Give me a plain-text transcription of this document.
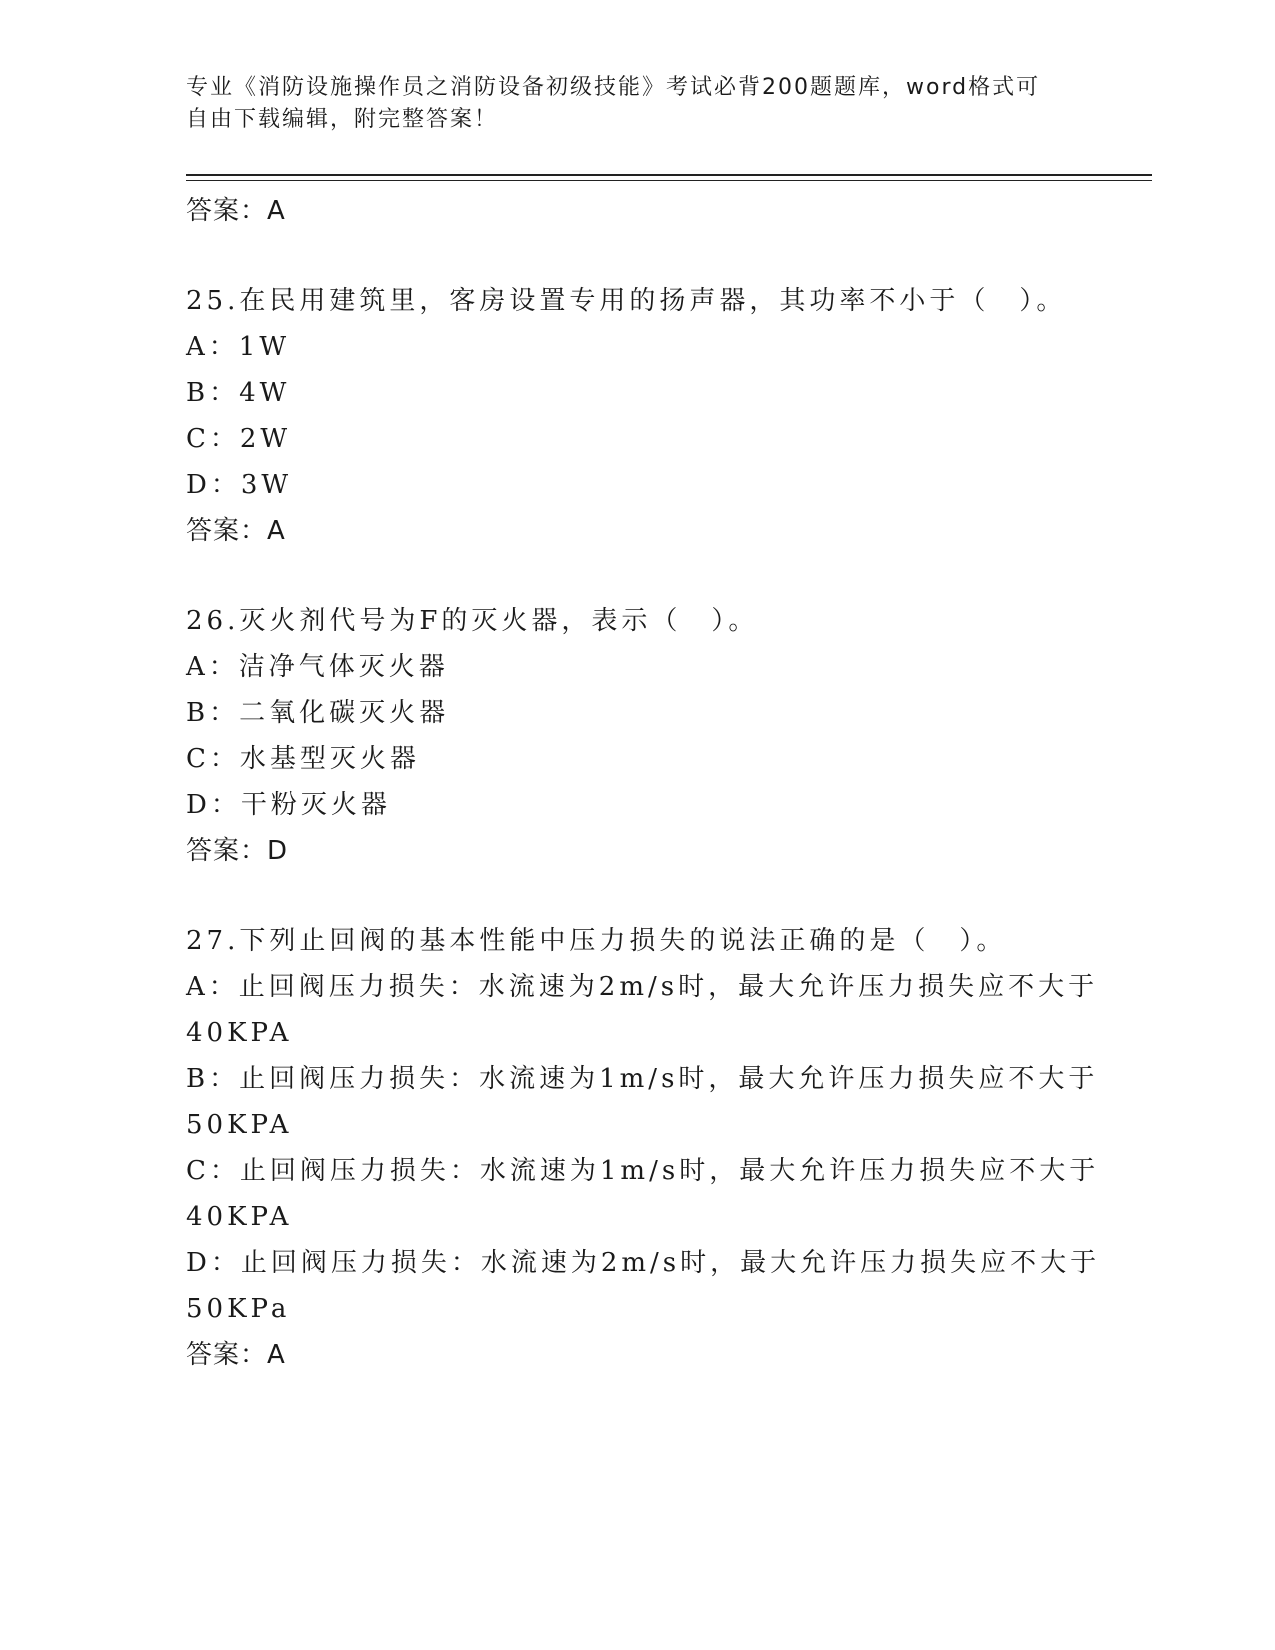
专业《消防设施操作员之消防设备初级技能》考试必背200题题库，word格式可
自由下载编辑，附完整答案！
答案：A
25.在民用建筑里，客房设置专用的扬声器，其功率不小于（　）。
A：1W
B：4W
C：2W
D：3W
答案：A
26.灭火剂代号为F的灭火器，表示（　）。
A：洁净气体灭火器
B：二氧化碳灭火器
C：水基型灭火器
D：干粉灭火器
答案：D
27.下列止回阀的基本性能中压力损失的说法正确的是（　）。
A：止回阀压力损失：水流速为2m/s时，最大允许压力损失应不大于
40KPA
B：止回阀压力损失：水流速为1m/s时，最大允许压力损失应不大于
50KPA
C：止回阀压力损失：水流速为1m/s时，最大允许压力损失应不大于
40KPA
D：止回阀压力损失：水流速为2m/s时，最大允许压力损失应不大于
50KPa
答案：A
